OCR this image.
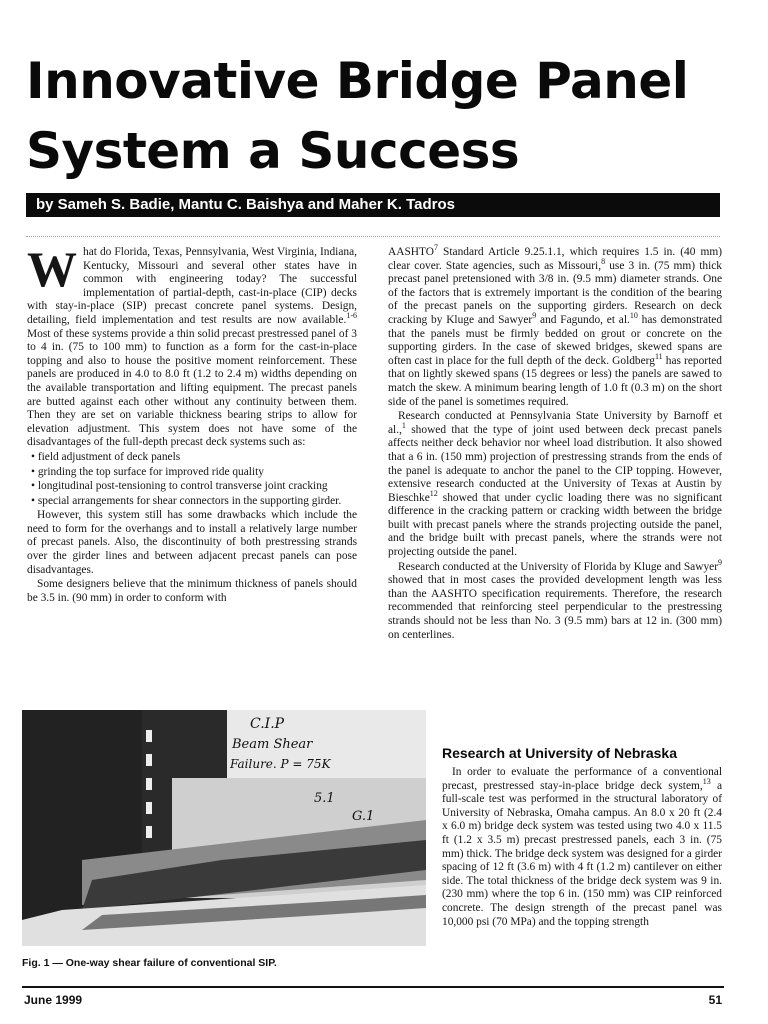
Innovative Bridge Panel
System a Success
by Sameh S. Badie, Mantu C. Baishya and Maher K. Tadros

What do Florida, Texas, Pennsylvania, West Virginia, Indiana, Kentucky, Missouri and several other states have in common with engineering today? The successful implementation of partial-depth, cast-in-place (CIP) decks with stay-in-place (SIP) precast concrete panel systems. Design, detailing, field implementation and test results are now available.$^{1-6}$ Most of these systems provide a thin solid precast prestressed panel of 3 to 4 in. (75 to 100 mm) to function as a form for the cast-in-place topping and also to house the positive moment reinforcement. These panels are produced in 4.0 to 8.0 ft (1.2 to 2.4 m) widths depending on the available transportation and lifting equipment. The precast panels are butted against each other without any continuity between them. Then they are set on variable thickness bearing strips to allow for elevation adjustment. This system does not have some of the disadvantages of the full-depth precast deck systems such as:

• field adjustment of deck panels

• grinding the top surface for improved ride quality

• longitudinal post-tensioning to control transverse joint cracking

• special arrangements for shear connectors in the supporting girder.

However, this system still has some drawbacks which include the need to form for the overhangs and to install a relatively large number of precast panels. Also, the discontinuity of both prestressing strands over the girder lines and between adjacent precast panels can pose disadvantages.

Some designers believe that the minimum thickness of panels should be 3.5 in. (90 mm) in order to conform with

AASHTO$^7$ Standard Article 9.25.1.1, which requires 1.5 in. (40 mm) clear cover. State agencies, such as Missouri,$^8$ use 3 in. (75 mm) thick precast panel pretensioned with 3/8 in. (9.5 mm) diameter strands. One of the factors that is extremely important is the condition of the bearing of the precast panels on the supporting girders. Research on deck cracking by Kluge and Sawyer$^9$ and Fagundo, et al.$^{10}$ has demonstrated that the panels must be firmly bedded on grout or concrete on the supporting girders. In the case of skewed bridges, skewed spans are often cast in place for the full depth of the deck. Goldberg$^{11}$ has reported that on lightly skewed spans (15 degrees or less) the panels are sawed to match the skew. A minimum bearing length of 1.0 ft (0.3 m) on the short side of the panel is sometimes required.

Research conducted at Pennsylvania State University by Barnoff et al.,$^1$ showed that the type of joint used between deck precast panels affects neither deck behavior nor wheel load distribution. It also showed that a 6 in. (150 mm) projection of prestressing strands from the ends of the panel is adequate to anchor the panel to the CIP topping. However, extensive research conducted at the University of Texas at Austin by Bieschke$^{12}$ showed that under cyclic loading there was no significant difference in the cracking pattern or cracking width between the bridge built with precast panels where the strands projecting outside the panel, and the bridge built with precast panels, where the strands were not projecting outside the panel.

Research conducted at the University of Florida by Kluge and Sawyer$^9$ showed that in most cases the provided development length was less than the AASHTO specification requirements. Therefore, the research recommended that reinforcing steel perpendicular to the prestressing strands should not be less than No. 3 (9.5 mm) bars at 12 in. (300 mm) on centerlines.

Research at University of Nebraska

In order to evaluate the performance of a conventional precast, prestressed stay-in-place bridge deck system,$^{13}$ a full-scale test was performed in the structural laboratory of University of Nebraska, Omaha campus. An 8.0 x 20 ft (2.4 x 6.0 m) bridge deck system was tested using two 4.0 x 11.5 ft (1.2 x 3.5 m) precast prestressed panels, each 3 in. (75 mm) thick. The bridge deck system was designed for a girder spacing of 12 ft (3.6 m) with 4 ft (1.2 m) cantilever on either side. The total thickness of the bridge deck system was 9 in. (230 mm) where the top 6 in. (150 mm) was CIP reinforced concrete. The design strength of the precast panel was 10,000 psi (70 MPa) and the topping strength

C.I.P
Beam Shear
Failure. P = 75K
5.1
G.1

Fig. 1 — One-way shear failure of conventional SIP.

June 1999	51
